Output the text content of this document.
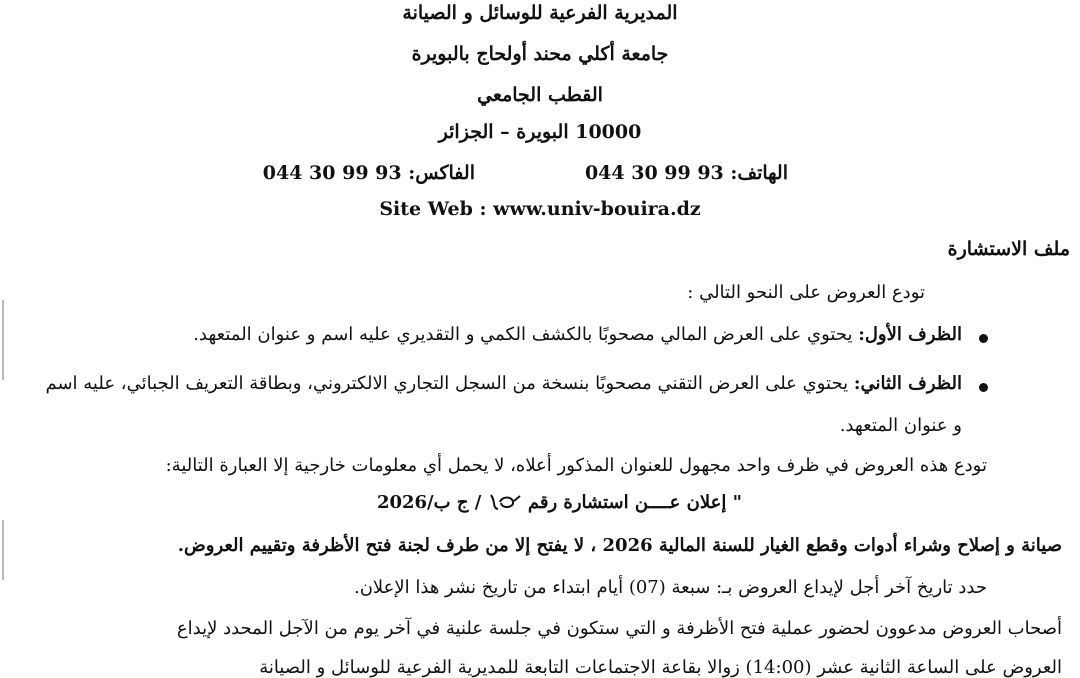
المديرية الفرعية للوسائل و الصيانة
جامعة أكلي محند أولحاج بالبويرة
القطب الجامعي
10000 البويرة – الجزائر
الهاتف: 044 30 99 93
الفاكس: 044 30 99 93
Site Web : www.univ-bouira.dz
ملف الاستشارة
تودع العروض على النحو التالي :
الظرف الأول: يحتوي على العرض المالي مصحوبًا بالكشف الكمي و التقديري عليه اسم و عنوان المتعهد.
الظرف الثاني: يحتوي على العرض التقني مصحوبًا بنسخة من السجل التجاري الالكتروني، وبطاقة التعريف الجبائي، عليه اسم
و عنوان المتعهد.
تودع هذه العروض في ظرف واحد مجهول للعنوان المذكور أعلاه، لا يحمل أي معلومات خارجية إلا العبارة التالية:
" إعلان عــــن استشارة رقم  / ج ب/2026
صيانة و إصلاح وشراء أدوات وقطع الغيار للسنة المالية 2026 ، لا يفتح إلا من طرف لجنة فتح الأظرفة وتقييم العروض.
حدد تاريخ آخر أجل لإيداع العروض بـ: سبعة (07) أيام ابتداء من تاريخ نشر هذا الإعلان.
أصحاب العروض مدعوون لحضور عملية فتح الأظرفة و التي ستكون في جلسة علنية في آخر يوم من الآجل المحدد لإيداع
العروض على الساعة الثانية عشر (14:00) زوالا بقاعة الاجتماعات التابعة للمديرية الفرعية للوسائل و الصيانة
